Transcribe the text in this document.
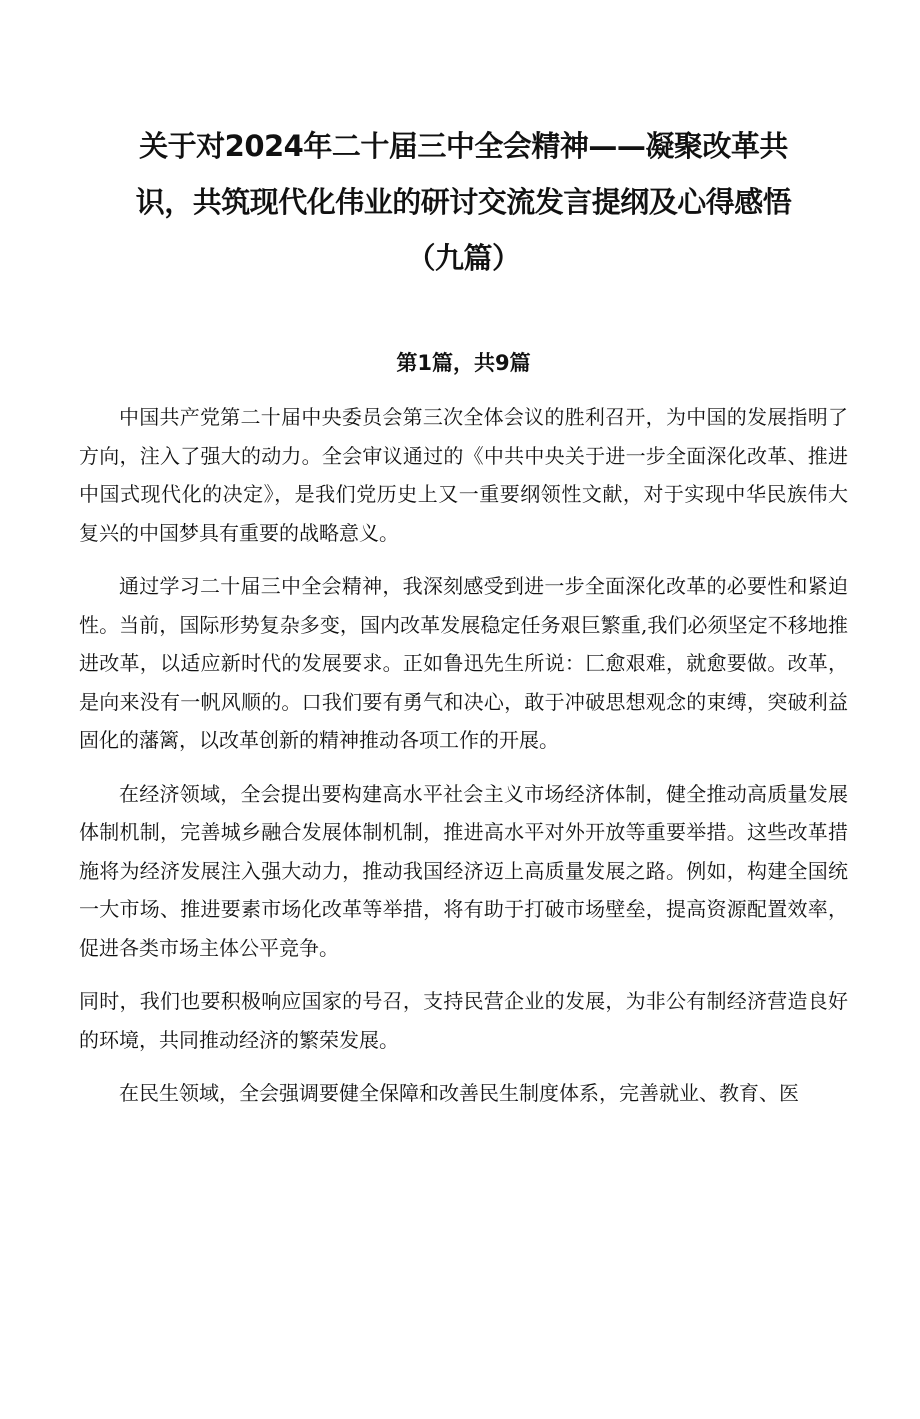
关于对2024年二十届三中全会精神——凝聚改革共
识，共筑现代化伟业的研讨交流发言提纲及心得感悟
（九篇）
第1篇，共9篇

中国共产党第二十届中央委员会第三次全体会议的胜利召开，为中国的发展指明了方向，注入了强大的动力。全会审议通过的《中共中央关于进一步全面深化改革、推进中国式现代化的决定》，是我们党历史上又一重要纲领性文献，对于实现中华民族伟大复兴的中国梦具有重要的战略意义。

通过学习二十届三中全会精神，我深刻感受到进一步全面深化改革的必要性和紧迫性。当前，国际形势复杂多变，国内改革发展稳定任务艰巨繁重,我们必须坚定不移地推进改革，以适应新时代的发展要求。正如鲁迅先生所说：匚愈艰难，就愈要做。改革，是向来没有一帆风顺的。口我们要有勇气和决心，敢于冲破思想观念的束缚，突破利益固化的藩篱，以改革创新的精神推动各项工作的开展。

在经济领域，全会提出要构建高水平社会主义市场经济体制，健全推动高质量发展体制机制，完善城乡融合发展体制机制，推进高水平对外开放等重要举措。这些改革措施将为经济发展注入强大动力，推动我国经济迈上高质量发展之路。例如，构建全国统一大市场、推进要素市场化改革等举措，将有助于打破市场壁垒，提高资源配置效率，促进各类市场主体公平竞争。

同时，我们也要积极响应国家的号召，支持民营企业的发展，为非公有制经济营造良好的环境，共同推动经济的繁荣发展。

在民生领域，全会强调要健全保障和改善民生制度体系，完善就业、教育、医
